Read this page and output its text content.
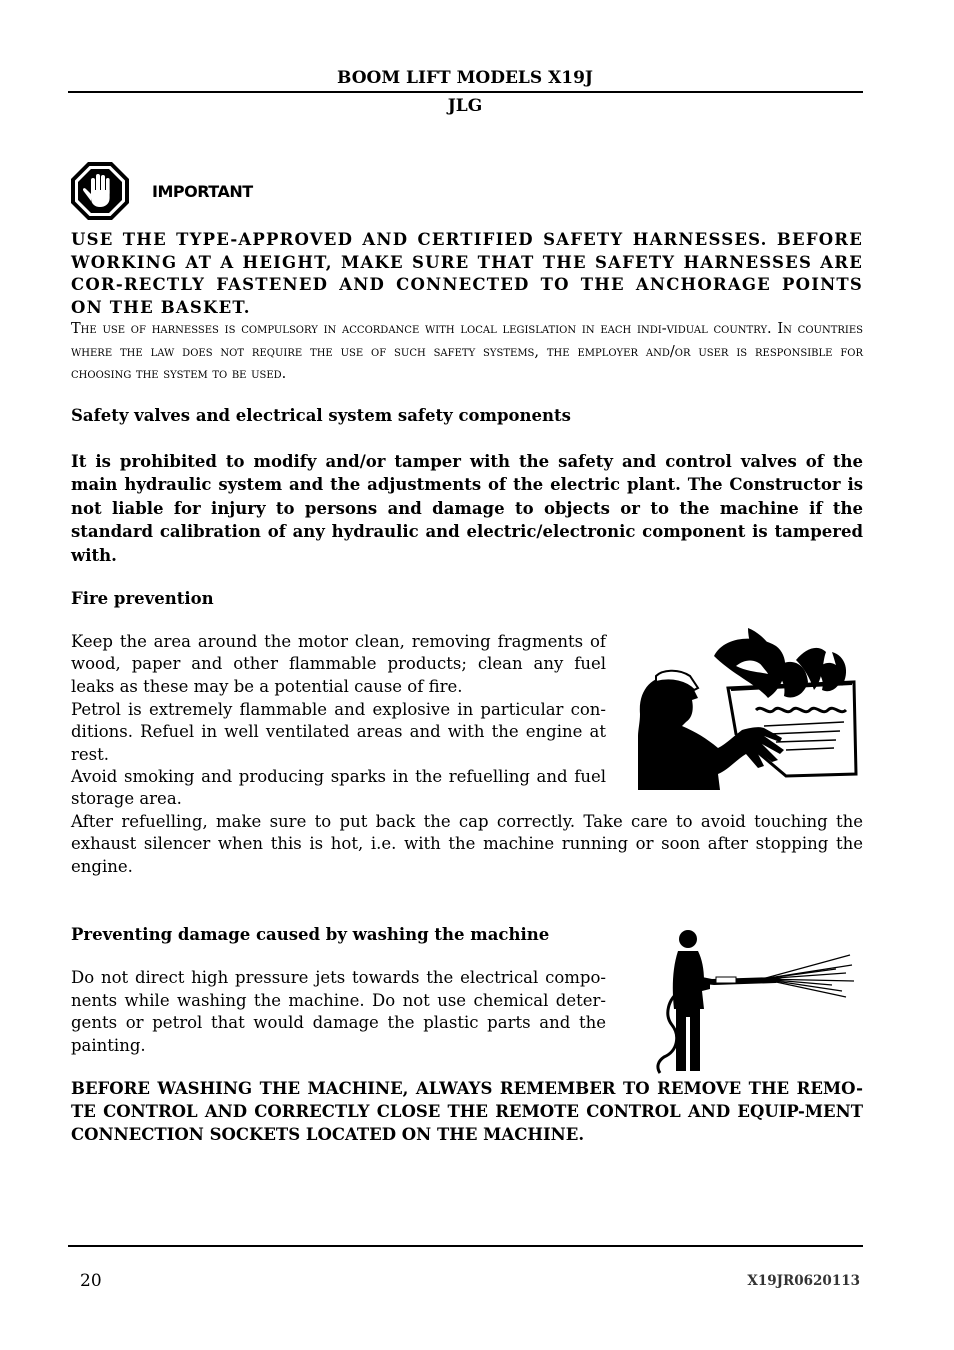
BOOM LIFT MODELS X19J
JLG
IMPORTANT
USE THE TYPE-APPROVED AND CERTIFIED SAFETY HARNESSES. BEFORE WORKING AT A HEIGHT, MAKE SURE THAT THE SAFETY HARNESSES ARE COR-RECTLY FASTENED AND CONNECTED TO THE ANCHORAGE POINTS ON THE BASKET.
The use of harnesses is compulsory in accordance with local legislation in each indi-vidual country. In countries where the law does not require the use of such safety systems, the employer and/or user is responsible for choosing the system to be used.
Safety valves and electrical system safety components
It is prohibited to modify and/or tamper with the safety and control valves of the main hydraulic system and the adjustments of the electric plant. The Constructor is not liable for injury to persons and damage to objects or to the machine if the standard calibration of any hydraulic and electric/electronic component is tampered with.
Fire prevention
Keep the area around the motor clean, removing fragments of wood, paper and other flammable products; clean any fuel leaks as these may be a potential cause of fire.
Petrol is extremely flammable and explosive in particular con-ditions. Refuel in well ventilated areas and with the engine at rest.
Avoid smoking and producing sparks in the refuelling and fuel storage area.
After refuelling, make sure to put back the cap correctly. Take care to avoid touching the exhaust silencer when this is hot, i.e. with the machine running or soon after stopping the engine.
Preventing damage caused by washing the machine
Do not direct high pressure jets towards the electrical compo-nents while washing the machine. Do not use chemical deter-gents or petrol that would damage the plastic parts and the painting.
BEFORE WASHING THE MACHINE, ALWAYS REMEMBER TO REMOVE THE REMO-TE CONTROL AND CORRECTLY CLOSE THE REMOTE CONTROL AND EQUIP-MENT CONNECTION SOCKETS LOCATED ON THE MACHINE.
20	X19JR0620113
